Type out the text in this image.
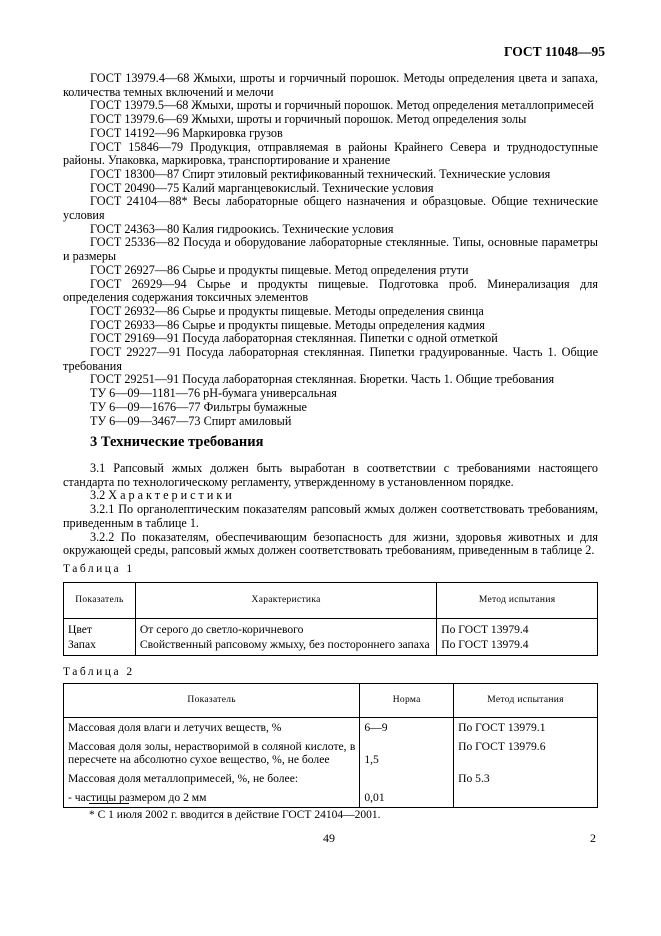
ГОСТ 11048—95

ГОСТ 13979.4—68 Жмыхи, шроты и горчичный порошок. Методы определения цвета и запаха, количества темных включений и мелочи

ГОСТ 13979.5—68 Жмыхи, шроты и горчичный порошок. Метод определения металлопримесей

ГОСТ 13979.6—69 Жмыхи, шроты и горчичный порошок. Метод определения золы

ГОСТ 14192—96 Маркировка грузов

ГОСТ 15846—79 Продукция, отправляемая в районы Крайнего Севера и труднодоступные районы. Упаковка, маркировка, транспортирование и хранение

ГОСТ 18300—87 Спирт этиловый ректификованный технический. Технические условия

ГОСТ 20490—75 Калий марганцевокислый. Технические условия

ГОСТ 24104—88* Весы лабораторные общего назначения и образцовые. Общие технические условия

ГОСТ 24363—80 Калия гидроокись. Технические условия

ГОСТ 25336—82 Посуда и оборудование лабораторные стеклянные. Типы, основные параметры и размеры

ГОСТ 26927—86 Сырье и продукты пищевые. Метод определения ртути

ГОСТ 26929—94 Сырье и продукты пищевые. Подготовка проб. Минерализация для определения содержания токсичных элементов

ГОСТ 26932—86 Сырье и продукты пищевые. Методы определения свинца

ГОСТ 26933—86 Сырье и продукты пищевые. Методы определения кадмия

ГОСТ 29169—91 Посуда лабораторная стеклянная. Пипетки с одной отметкой

ГОСТ 29227—91 Посуда лабораторная стеклянная. Пипетки градуированные. Часть 1. Общие требования

ГОСТ 29251—91 Посуда лабораторная стеклянная. Бюретки. Часть 1. Общие требования

ТУ 6—09—1181—76 pH-бумага универсальная

ТУ 6—09—1676—77 Фильтры бумажные

ТУ 6—09—3467—73 Спирт амиловый

3 Технические требования

3.1 Рапсовый жмых должен быть выработан в соответствии с требованиями настоящего стандарта по технологическому регламенту, утвержденному в установленном порядке.

3.2 Характеристики

3.2.1 По органолептическим показателям рапсовый жмых должен соответствовать требованиям, приведенным в таблице 1.

3.2.2 По показателям, обеспечивающим безопасность для жизни, здоровья животных и для окружающей среды, рапсовый жмых должен соответствовать требованиям, приведенным в таблице 2.

Таблица 1
Показатель	Характеристика	Метод испытания
Цвет	От серого до светло-коричневого	По ГОСТ 13979.4
Запах	Свойственный рапсовому жмыху, без постороннего запаха	По ГОСТ 13979.4
Таблица 2
Показатель	Норма	Метод испытания
Массовая доля влаги и летучих веществ, %	6—9	По ГОСТ 13979.1
Массовая доля золы, нерастворимой в соляной кислоте, в пересчете на абсолютно сухое вещество, %, не более	1,5	По ГОСТ 13979.6
Массовая доля металлопримесей, %, не более:		По 5.3
- частицы размером до 2 мм	0,01	
* С 1 июля 2002 г. вводится в действие ГОСТ 24104—2001.
49	2
